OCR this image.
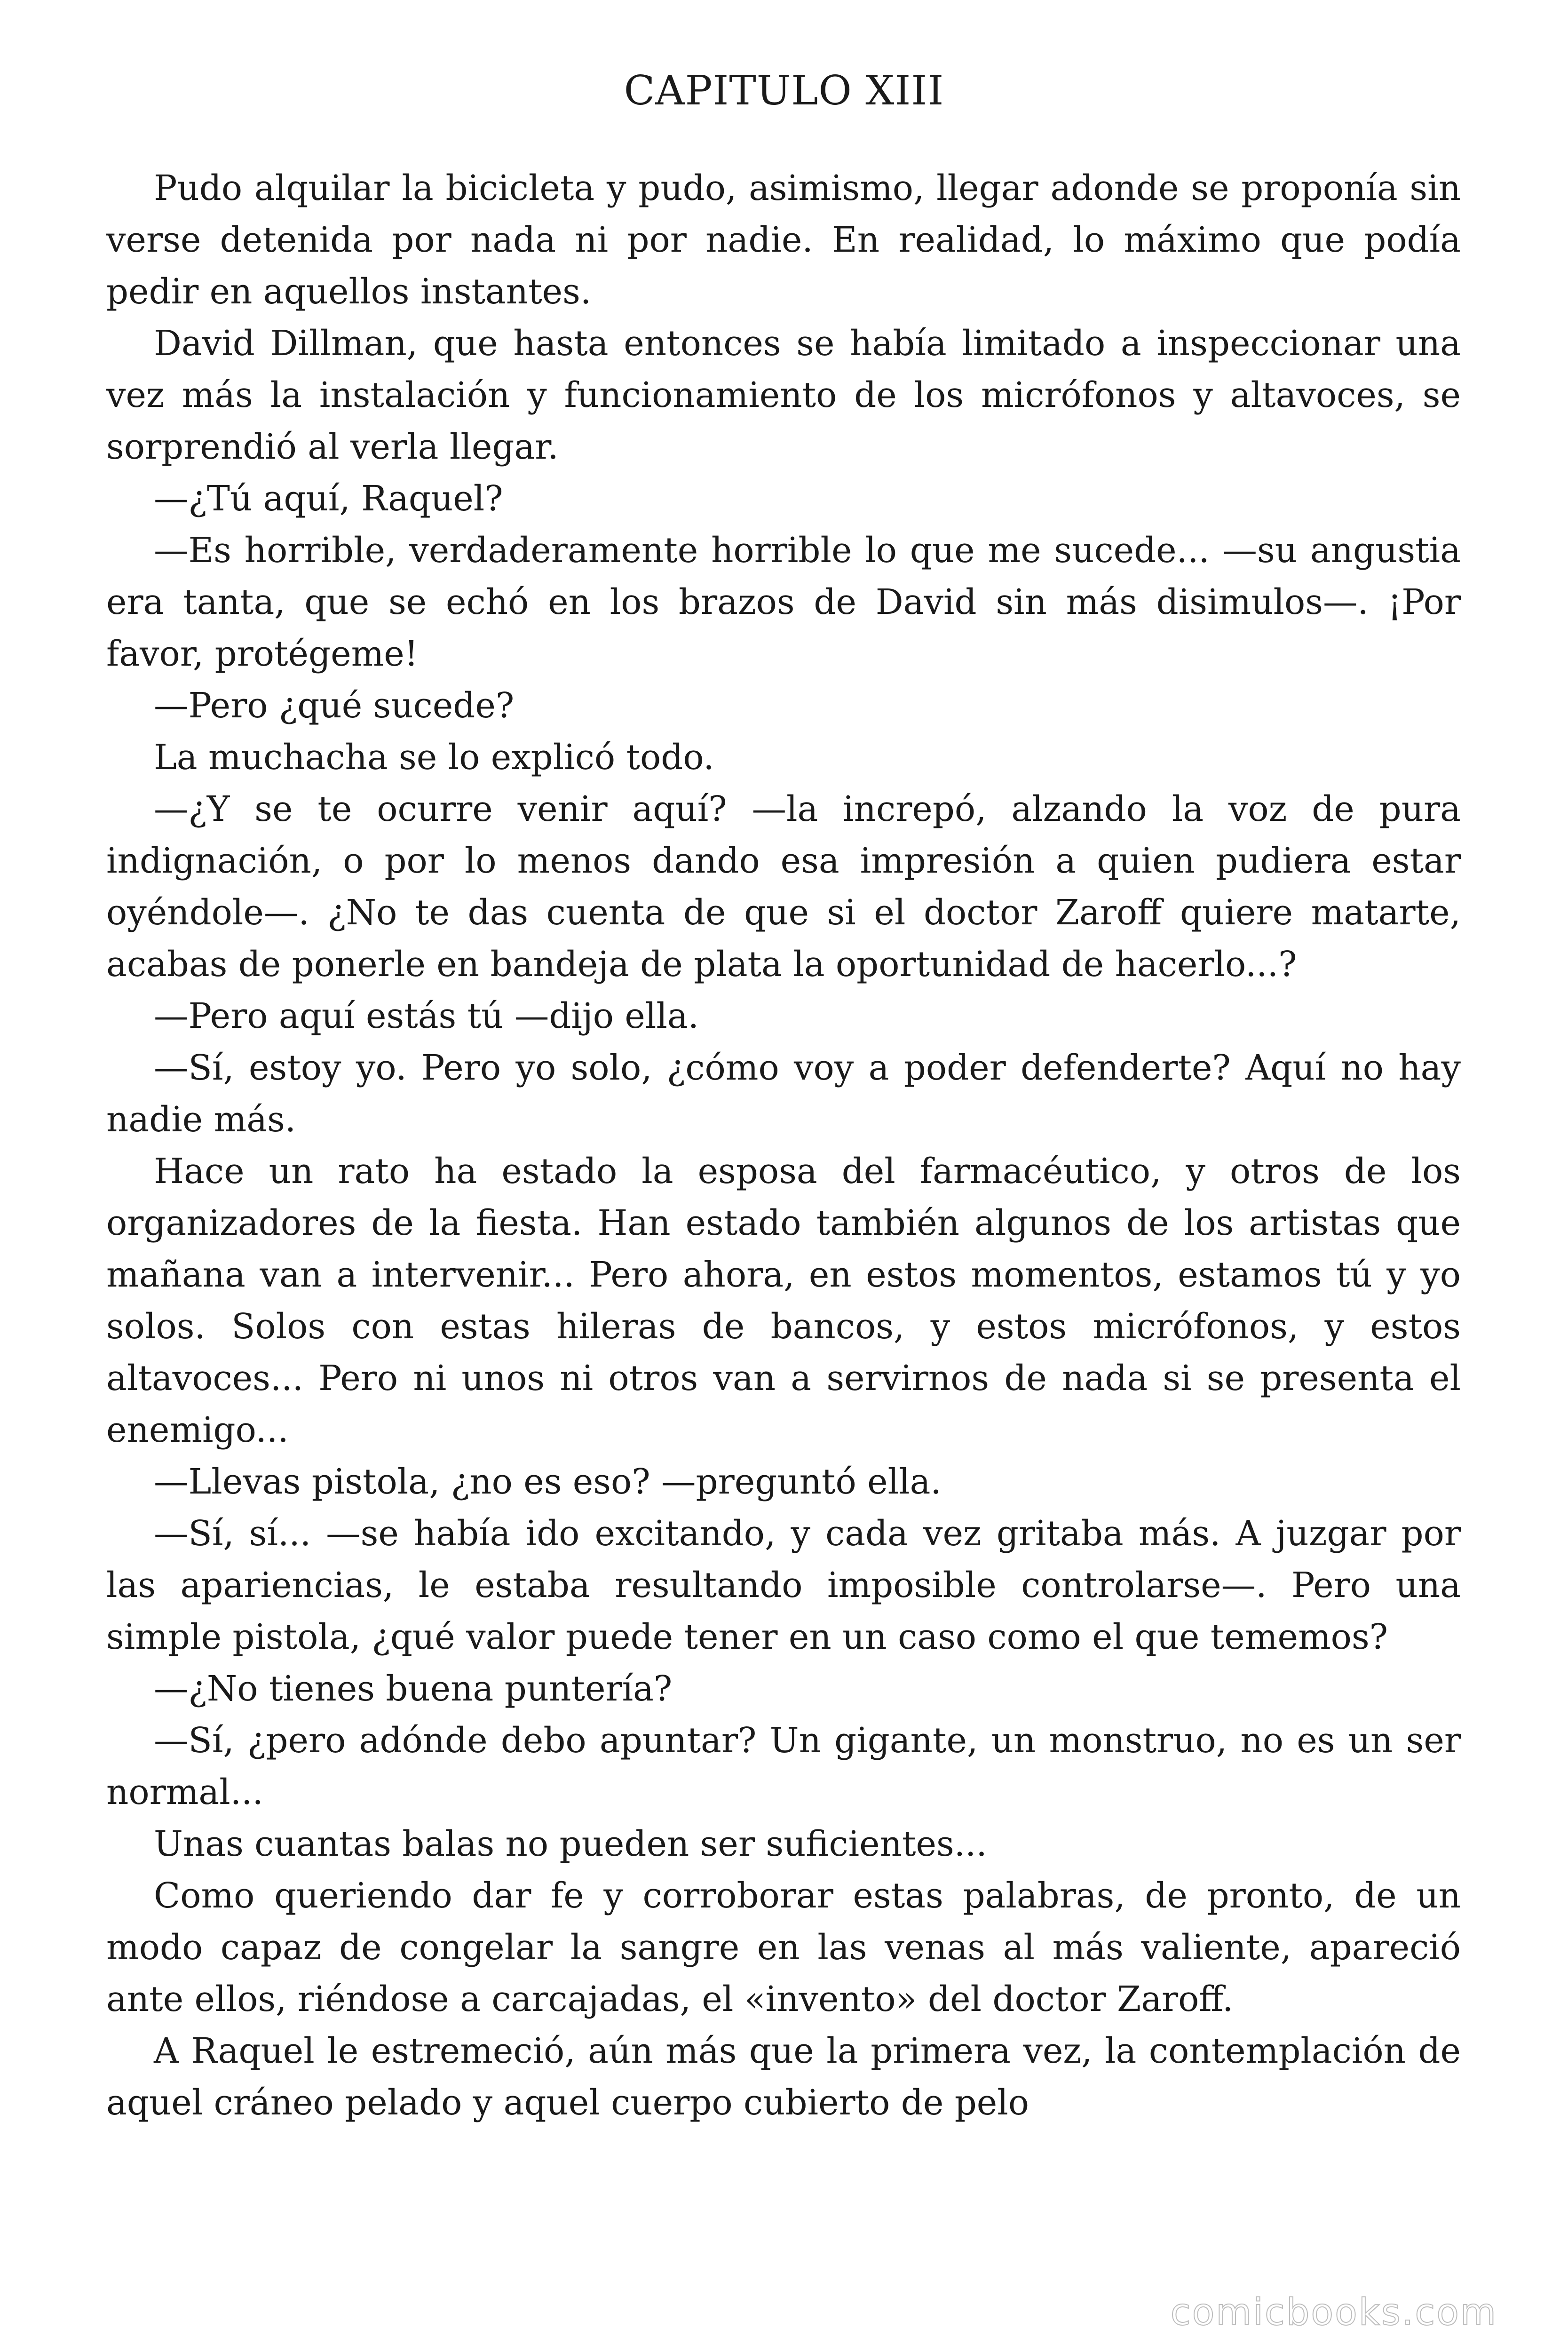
CAPITULO XIII

Pudo alquilar la bicicleta y pudo, asimismo, llegar adonde se proponía sin verse detenida por nada ni por nadie. En realidad, lo máximo que podía pedir en aquellos instantes.

David Dillman, que hasta entonces se había limitado a inspeccionar una vez más la instalación y funcionamiento de los micrófonos y altavoces, se sorprendió al verla llegar.

—¿Tú aquí, Raquel?

—Es horrible, verdaderamente horrible lo que me sucede... —su angustia era tanta, que se echó en los brazos de David sin más disimulos—. ¡Por favor, protégeme!

—Pero ¿qué sucede?

La muchacha se lo explicó todo.

—¿Y se te ocurre venir aquí? —la increpó, alzando la voz de pura indignación, o por lo menos dando esa impresión a quien pudiera estar oyéndole—. ¿No te das cuenta de que si el doctor Zaroff quiere matarte, acabas de ponerle en bandeja de plata la oportunidad de hacerlo...?

—Pero aquí estás tú —dijo ella.

—Sí, estoy yo. Pero yo solo, ¿cómo voy a poder defenderte? Aquí no hay nadie más.

Hace un rato ha estado la esposa del farmacéutico, y otros de los organizadores de la fiesta. Han estado también algunos de los artistas que mañana van a intervenir... Pero ahora, en estos momentos, estamos tú y yo solos. Solos con estas hileras de bancos, y estos micrófonos, y estos altavoces... Pero ni unos ni otros van a servirnos de nada si se presenta el enemigo...

—Llevas pistola, ¿no es eso? —preguntó ella.

—Sí, sí... —se había ido excitando, y cada vez gritaba más. A juzgar por las apariencias, le estaba resultando imposible controlarse—. Pero una simple pistola, ¿qué valor puede tener en un caso como el que tememos?

—¿No tienes buena puntería?

—Sí, ¿pero adónde debo apuntar? Un gigante, un monstruo, no es un ser normal...

Unas cuantas balas no pueden ser suficientes...

Como queriendo dar fe y corroborar estas palabras, de pronto, de un modo capaz de congelar la sangre en las venas al más valiente, apareció ante ellos, riéndose a carcajadas, el «invento» del doctor Zaroff.

A Raquel le estremeció, aún más que la primera vez, la contemplación de aquel cráneo pelado y aquel cuerpo cubierto de pelo

comicbooks.com
